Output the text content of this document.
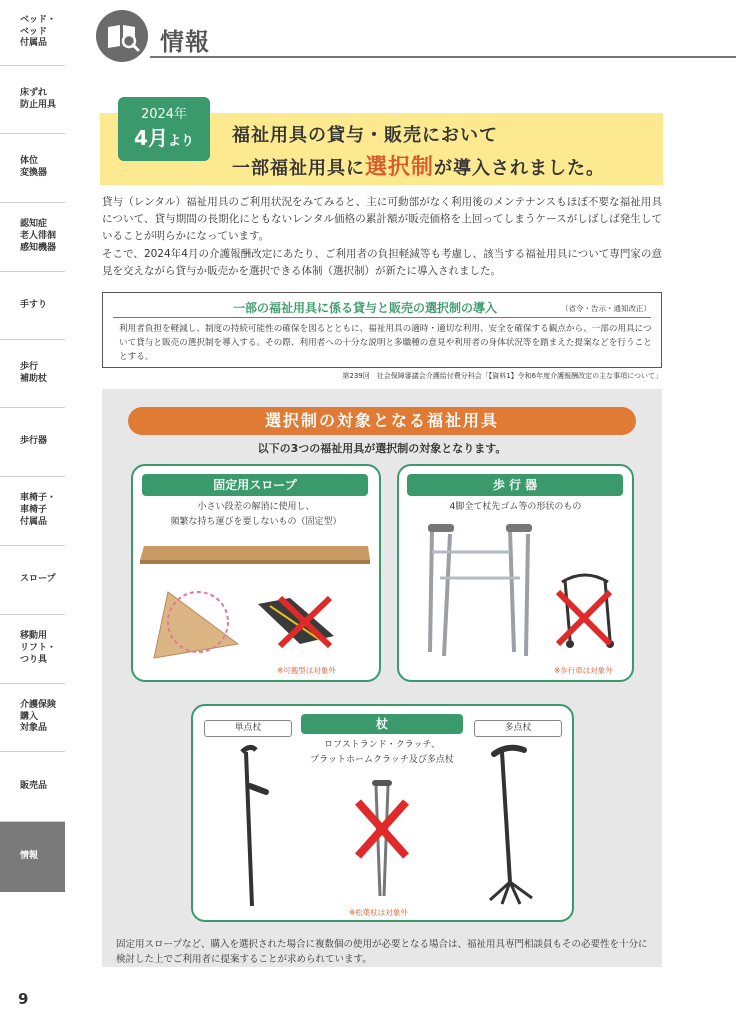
ベッド・
ベッド
付属品
床ずれ
防止用具
体位
変換器
認知症
老人徘徊
感知機器
手すり
歩行
補助杖
歩行器
車椅子・
車椅子
付属品
スロープ
移動用
リフト・
つり具
介護保険
購入
対象品
販売品
情報
9
情報
2024年
4月より	福祉用具の貸与・販売において
一部福祉用具に選択制が導入されました。

貸与（レンタル）福祉用具のご利用状況をみてみると、主に可動部がなく利用後のメンテナンスもほぼ不要な福祉用具について、貸与期間の長期化にともないレンタル価格の累計額が販売価格を上回ってしまうケースがしばしば発生していることが明らかになっています。

そこで、2024年4月の介護報酬改定にあたり、ご利用者の負担軽減等も考慮し、該当する福祉用具について専門家の意見を交えながら貸与か販売かを選択できる体制（選択制）が新たに導入されました。

一部の福祉用具に係る貸与と販売の選択制の導入	（省令・告示・通知改正）
利用者負担を軽減し、制度の持続可能性の確保を図るとともに、福祉用具の適時・適切な利用、安全を確保する観点から、一部の用具について貸与と販売の選択制を導入する。その際、利用者への十分な説明と多職種の意見や利用者の身体状況等を踏まえた提案などを行うこととする。
第239回　社会保障審議会介護給付費分科会「【資料1】令和6年度介護報酬改定の主な事項について」
選択制の対象となる福祉用具
以下の3つの福祉用具が選択制の対象となります。
固定用スロープ
小さい段差の解消に使用し、
頻繁な持ち運びを要しないもの（固定型）
※可搬型は対象外
歩 行 器
4脚全て杖先ゴム等の形状のもの
※歩行車は対象外
杖
単点杖	多点杖
ロフストランド・クラッチ、
プラットホームクラッチ及び多点杖
※松葉杖は対象外
固定用スロープなど、購入を選択された場合に複数個の使用が必要となる場合は、福祉用具専門相談員もその必要性を十分に検討した上でご利用者に提案することが求められています。
